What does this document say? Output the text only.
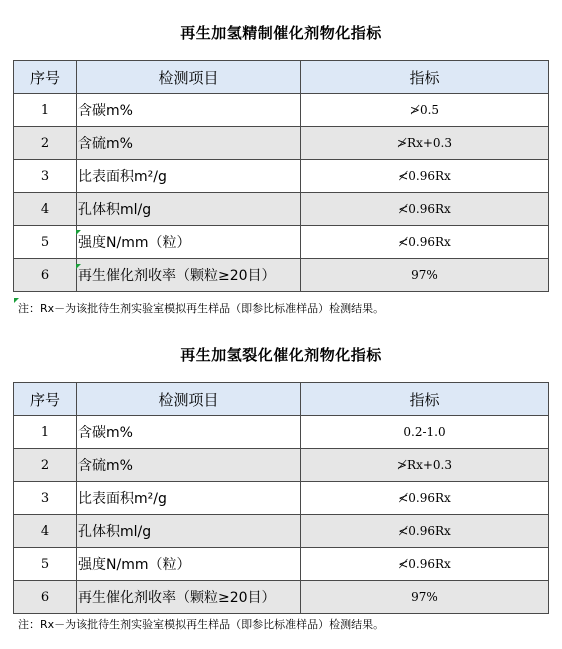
再生加氢精制催化剂物化指标
序号	检测项目	指标
1	含碳m%	≯0.5
2	含硫m%	≯Rx+0.3
3	比表面积m²/g	≮0.96Rx
4	孔体积ml/g	≮0.96Rx
5	强度N/mm（粒）	≮0.96Rx
6	再生催化剂收率（颗粒≥20目）	97%
注：Rx－为该批待生剂实验室模拟再生样品（即参比标准样品）检测结果。
再生加氢裂化催化剂物化指标
序号	检测项目	指标
1	含碳m%	0.2-1.0
2	含硫m%	≯Rx+0.3
3	比表面积m²/g	≮0.96Rx
4	孔体积ml/g	≮0.96Rx
5	强度N/mm（粒）	≮0.96Rx
6	再生催化剂收率（颗粒≥20目）	97%
注：Rx－为该批待生剂实验室模拟再生样品（即参比标准样品）检测结果。
